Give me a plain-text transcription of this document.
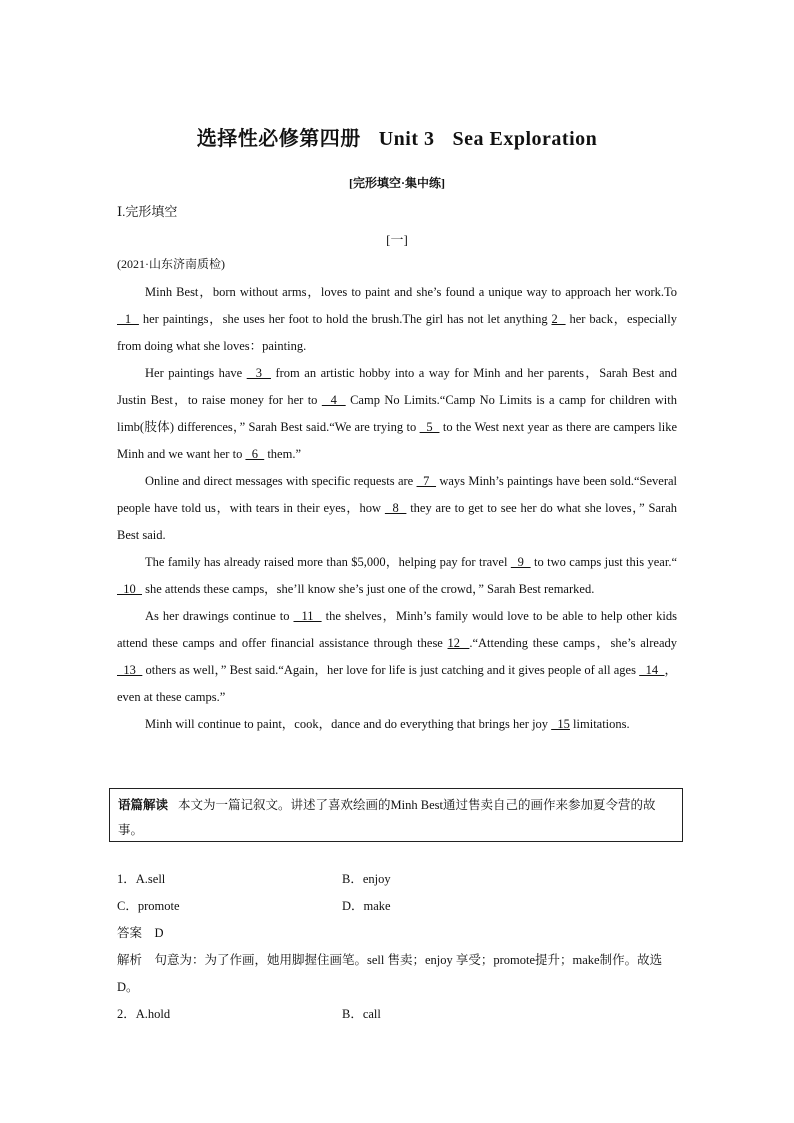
选择性必修第四册 Unit 3 Sea Exploration
[完形填空·集中练]
Ⅰ.完形填空
[一]
(2021·山东济南质检)

Minh Best，born without arms，loves to paint and she’s found a unique way to approach her work.To   1   her paintings，she uses her foot to hold the brush.The girl has not let anything 2   her back，especially from doing what she loves：painting.

Her paintings have   3   from an artistic hobby into a way for Minh and her parents，Sarah Best and Justin Best，to raise money for her to   4   Camp No Limits.“Camp No Limits is a camp for children with limb(肢体) differences，” Sarah Best said.“We are trying to   5   to the West next year as there are campers like Minh and we want her to   6   them.”

Online and direct messages with specific requests are   7   ways Minh’s paintings have been sold.“Several people have told us，with tears in their eyes，how   8   they are to get to see her do what she loves，” Sarah Best said.

The family has already raised more than $5,000，helping pay for travel   9   to two camps just this year.“  10   she attends these camps，she’ll know she’s just one of the crowd，” Sarah Best remarked.

As her drawings continue to   11   the shelves，Minh’s family would love to be able to help other kids attend these camps and offer financial assistance through these 12  .“Attending these camps，she’s already   13   others as well，” Best said.“Again，her love for life is just catching and it gives people of all ages   14  ，even at these camps.”

Minh will continue to paint，cook，dance and do everything that brings her joy   15 limitations.

语篇解读 本文为一篇记叙文。讲述了喜欢绘画的Minh Best通过售卖自己的画作来参加夏令营的故事。
1．A.sell	B．enjoy
C．promote	D．make
答案　D
解析　句意为：为了作画，她用脚握住画笔。sell 售卖；enjoy 享受；promote提升；make制作。故选D。
2．A.hold	B．call
